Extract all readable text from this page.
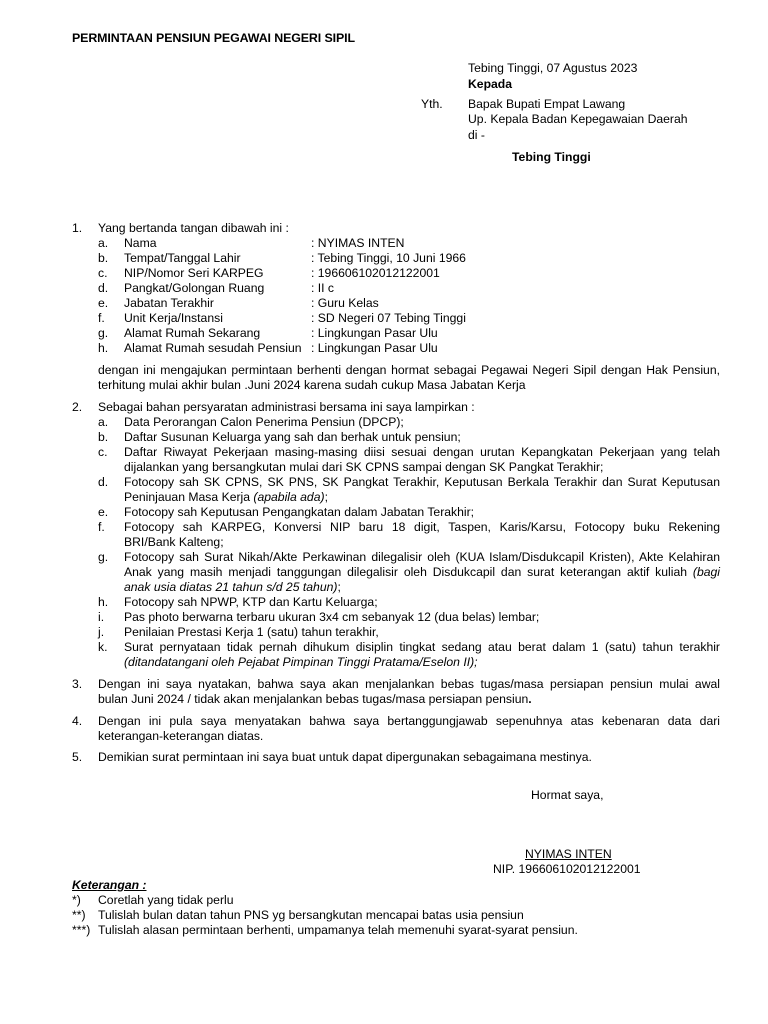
PERMINTAAN PENSIUN PEGAWAI NEGERI SIPIL
Tebing Tinggi, 07 Agustus 2023
Kepada
Yth. Bapak Bupati Empat Lawang
Up. Kepala Badan Kepegawaian Daerah
di -
Tebing Tinggi
1. Yang bertanda tangan dibawah ini :
a. Nama	: NYIMAS INTEN
b. Tempat/Tanggal Lahir	: Tebing Tinggi, 10 Juni 1966
c. NIP/Nomor Seri KARPEG	: 196606102012122001
d. Pangkat/Golongan Ruang	: II c
e. Jabatan Terakhir	: Guru Kelas
f. Unit Kerja/Instansi	: SD Negeri 07 Tebing Tinggi
g. Alamat Rumah Sekarang	: Lingkungan Pasar Ulu
h. Alamat Rumah sesudah Pensiun : Lingkungan Pasar Ulu
dengan ini mengajukan permintaan berhenti dengan hormat sebagai Pegawai Negeri Sipil dengan Hak Pensiun,
terhitung mulai akhir bulan .Juni 2024 karena sudah cukup Masa Jabatan Kerja
2. Sebagai bahan persyaratan administrasi bersama ini saya lampirkan :
a. Data Perorangan Calon Penerima Pensiun (DPCP);
b. Daftar Susunan Keluarga yang sah dan berhak untuk pensiun;
c. Daftar Riwayat Pekerjaan masing-masing diisi sesuai dengan urutan Kepangkatan Pekerjaan yang telah
dijalankan yang bersangkutan mulai dari SK CPNS sampai dengan SK Pangkat Terakhir;
d. Fotocopy sah SK CPNS, SK PNS, SK Pangkat Terakhir, Keputusan Berkala Terakhir dan Surat Keputusan
Peninjauan Masa Kerja (apabila ada);
e. Fotocopy sah Keputusan Pengangkatan dalam Jabatan Terakhir;
f. Fotocopy sah KARPEG, Konversi NIP baru 18 digit, Taspen, Karis/Karsu, Fotocopy buku Rekening
BRI/Bank Kalteng;
g. Fotocopy sah Surat Nikah/Akte Perkawinan dilegalisir oleh (KUA Islam/Disdukcapil Kristen), Akte Kelahiran
Anak yang masih menjadi tanggungan dilegalisir oleh Disdukcapil dan surat keterangan aktif kuliah (bagi
anak usia diatas 21 tahun s/d 25 tahun);
h. Fotocopy sah NPWP, KTP dan Kartu Keluarga;
i. Pas photo berwarna terbaru ukuran 3x4 cm sebanyak 12 (dua belas) lembar;
j. Penilaian Prestasi Kerja 1 (satu) tahun terakhir,
k. Surat pernyataan tidak pernah dihukum disiplin tingkat sedang atau berat dalam 1 (satu) tahun terakhir
(ditandatangani oleh Pejabat Pimpinan Tinggi Pratama/Eselon II);
3. Dengan ini saya nyatakan, bahwa saya akan menjalankan bebas tugas/masa persiapan pensiun mulai awal
bulan Juni 2024 / tidak akan menjalankan bebas tugas/masa persiapan pensiun.
4. Dengan ini pula saya menyatakan bahwa saya bertanggungjawab sepenuhnya atas kebenaran data dari
keterangan-keterangan diatas.
5. Demikian surat permintaan ini saya buat untuk dapat dipergunakan sebagaimana mestinya.
Hormat saya,
NYIMAS INTEN
NIP. 196606102012122001
Keterangan :
*) Coretlah yang tidak perlu
**) Tulislah bulan datan tahun PNS yg bersangkutan mencapai batas usia pensiun
***) Tulislah alasan permintaan berhenti, umpamanya telah memenuhi syarat-syarat pensiun.
